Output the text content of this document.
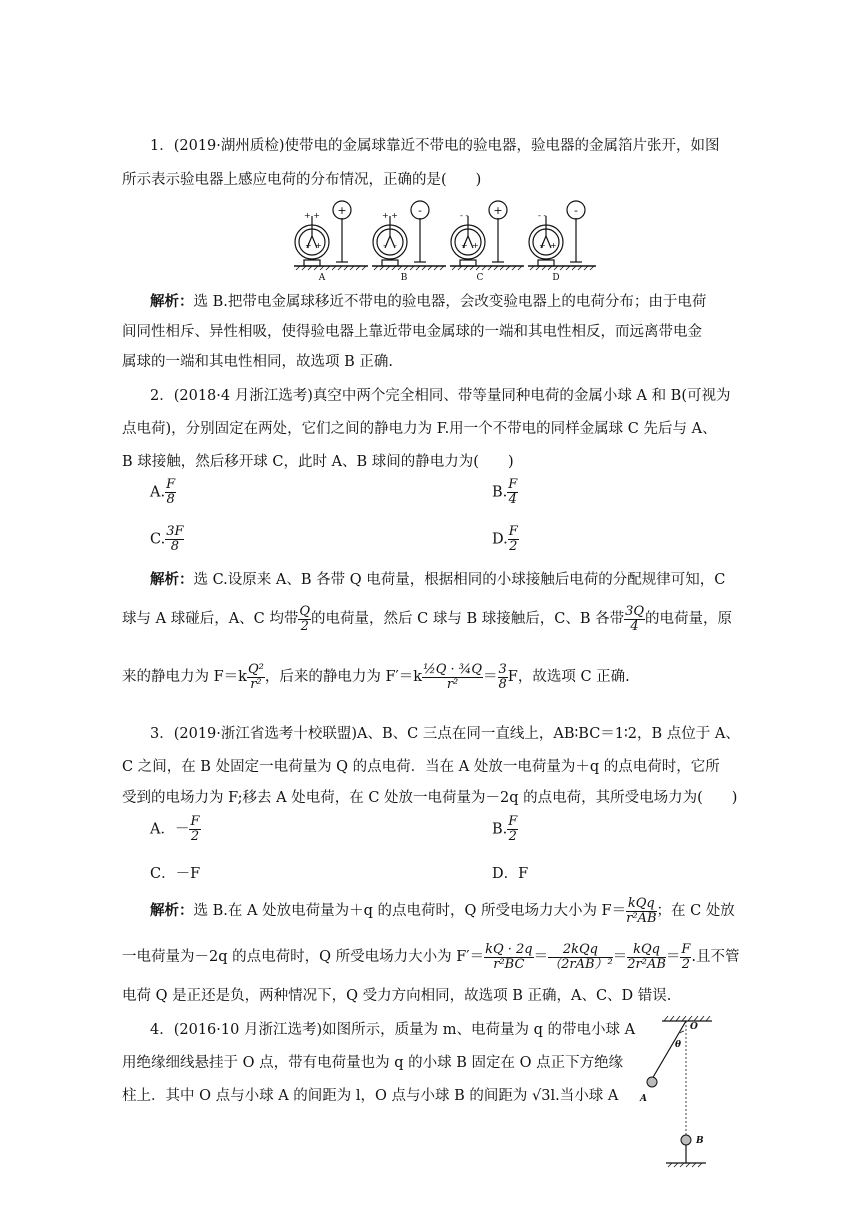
1．(2019·湖州质检)使带电的金属球靠近不带电的验电器，验电器的金属箔片张开，如图
所示表示验电器上感应电荷的分布情况，正确的是(　　)
+ +
+ +
+ +
- -
- -
+ +
- -
+ +
+	-	+	-
A	B	C	D
解析：选 B.把带电金属球移近不带电的验电器，会改变验电器上的电荷分布；由于电荷
间同性相斥、异性相吸，使得验电器上靠近带电金属球的一端和其电性相反，而远离带电金
属球的一端和其电性相同，故选项 B 正确.
2．(2018·4 月浙江选考)真空中两个完全相同、带等量同种电荷的金属小球 A 和 B(可视为
点电荷)，分别固定在两处，它们之间的静电力为 F.用一个不带电的同样金属球 C 先后与 A、
B 球接触，然后移开球 C，此时 A、B 球间的静电力为(　　)
A. $\frac{F}{8}$	B. $\frac{F}{4}$
C. $\frac{3F}{8}$	D. $\frac{F}{2}$
解析：选 C.设原来 A、B 各带 Q 电荷量，根据相同的小球接触后电荷的分配规律可知，C
球与 A 球碰后，A、C 均带 $\frac{Q}{2}$ 的电荷量，然后 C 球与 B 球接触后，C、B 各带 $\frac{3Q}{4}$ 的电荷量，原
来的静电力为 $F=k \frac{\text{Q²}}{\text{r²}}$ ，后来的静电力为 $F'=k \frac{\text{½Q · ¾Q}}{\text{r²}} = \frac{3}{8}$ F，故选项 C 正确.
3．(2019·浙江省选考十校联盟)A、B、C 三点在同一直线上，AB∶BC＝1∶2，B 点位于 A、
C 之间，在 B 处固定一电荷量为 Q 的点电荷．当在 A 处放一电荷量为＋q 的点电荷时，它所
受到的电场力为 F;移去 A 处电荷，在 C 处放一电荷量为－2q 的点电荷，其所受电场力为(　　)
A．－ $\frac{F}{2}$	B. $\frac{F}{2}$
C．－F	D．F
解析：选 B.在 A 处放电荷量为＋q 的点电荷时，Q 所受电场力大小为 $F= \frac{\text{kQq}}{\text{r²AB}}$ ；在 C 处放
一电荷量为－2q 的点电荷时，Q 所受电场力大小为 $F'= \frac{kQ \cdot 2q}{\text{r²BC}} = \frac{\text{2kQq}}{\text{（2rAB）²}} = \frac{\text{kQq}}{\text{2r²AB}} = \frac{F}{2}$ .且不管
电荷 Q 是正还是负，两种情况下，Q 受力方向相同，故选项 B 正确，A、C、D 错误.
4．(2016·10 月浙江选考)如图所示，质量为 m、电荷量为 q 的带电小球 A
用绝缘细线悬挂于 O 点，带有电荷量也为 q 的小球 B 固定在 O 点正下方绝缘
柱上．其中 O 点与小球 A 的间距为 l，O 点与小球 B 的间距为 √3l.当小球 A
O
θ
A
B
